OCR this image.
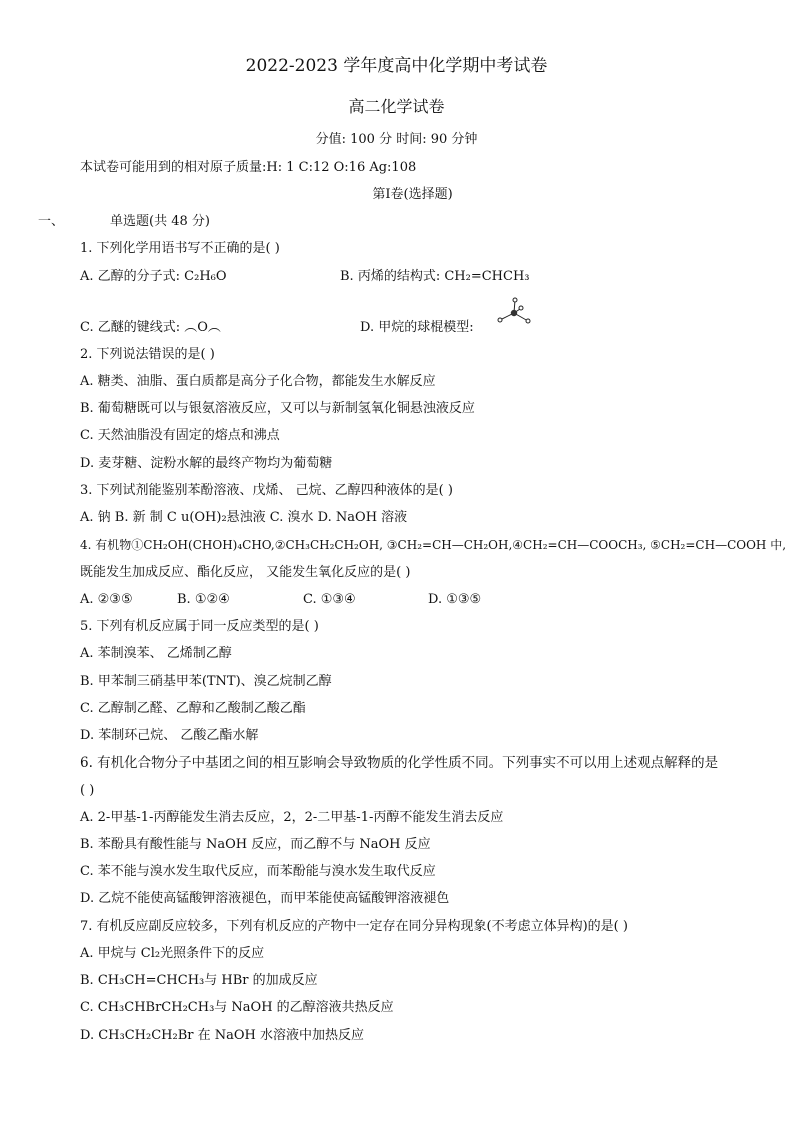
2022-2023 学年度高中化学期中考试卷
高二化学试卷
分值: 100 分 时间: 90 分钟
本试卷可能用到的相对原子质量:H: 1 C:12 O:16 Ag:108
第Ⅰ卷(选择题)
一、	单选题(共 48 分)
1. 下列化学用语书写不正确的是( )
A. 乙醇的分子式: C₂H₆O	B. 丙烯的结构式: CH₂=CHCH₃
C. 乙醚的键线式: ︵O︵	D. 甲烷的球棍模型:
2. 下列说法错误的是( )
A. 糖类、油脂、蛋白质都是高分子化合物，都能发生水解反应
B. 葡萄糖既可以与银氨溶液反应，又可以与新制氢氧化铜悬浊液反应
C. 天然油脂没有固定的熔点和沸点
D. 麦芽糖、淀粉水解的最终产物均为葡萄糖
3. 下列试剂能鉴别苯酚溶液、戊烯、 己烷、乙醇四种液体的是( )
A. 钠 B. 新 制 C u(OH)₂悬浊液 C. 溴水 D. NaOH 溶液
4. 有机物①CH₂OH(CHOH)₄CHO,②CH₃CH₂CH₂OH, ③CH₂=CH—CH₂OH,④CH₂=CH—COOCH₃, ⑤CH₂=CH—COOH 中,
既能发生加成反应、酯化反应， 又能发生氧化反应的是( )
A. ②③⑤	B. ①②④	C. ①③④	D. ①③⑤
5. 下列有机反应属于同一反应类型的是( )
A. 苯制溴苯、 乙烯制乙醇
B. 甲苯制三硝基甲苯(TNT)、溴乙烷制乙醇
C. 乙醇制乙醛、乙醇和乙酸制乙酸乙酯
D. 苯制环己烷、 乙酸乙酯水解
6. 有机化合物分子中基团之间的相互影响会导致物质的化学性质不同。下列事实不可以用上述观点解释的是
( )
A. 2-甲基-1-丙醇能发生消去反应，2，2-二甲基-1-丙醇不能发生消去反应
B. 苯酚具有酸性能与 NaOH 反应，而乙醇不与 NaOH 反应
C. 苯不能与溴水发生取代反应，而苯酚能与溴水发生取代反应
D. 乙烷不能使高锰酸钾溶液褪色，而甲苯能使高锰酸钾溶液褪色
7. 有机反应副反应较多，下列有机反应的产物中一定存在同分异构现象(不考虑立体异构)的是( )
A. 甲烷与 Cl₂光照条件下的反应
B. CH₃CH=CHCH₃与 HBr 的加成反应
C. CH₃CHBrCH₂CH₃与 NaOH 的乙醇溶液共热反应
D. CH₃CH₂CH₂Br 在 NaOH 水溶液中加热反应
